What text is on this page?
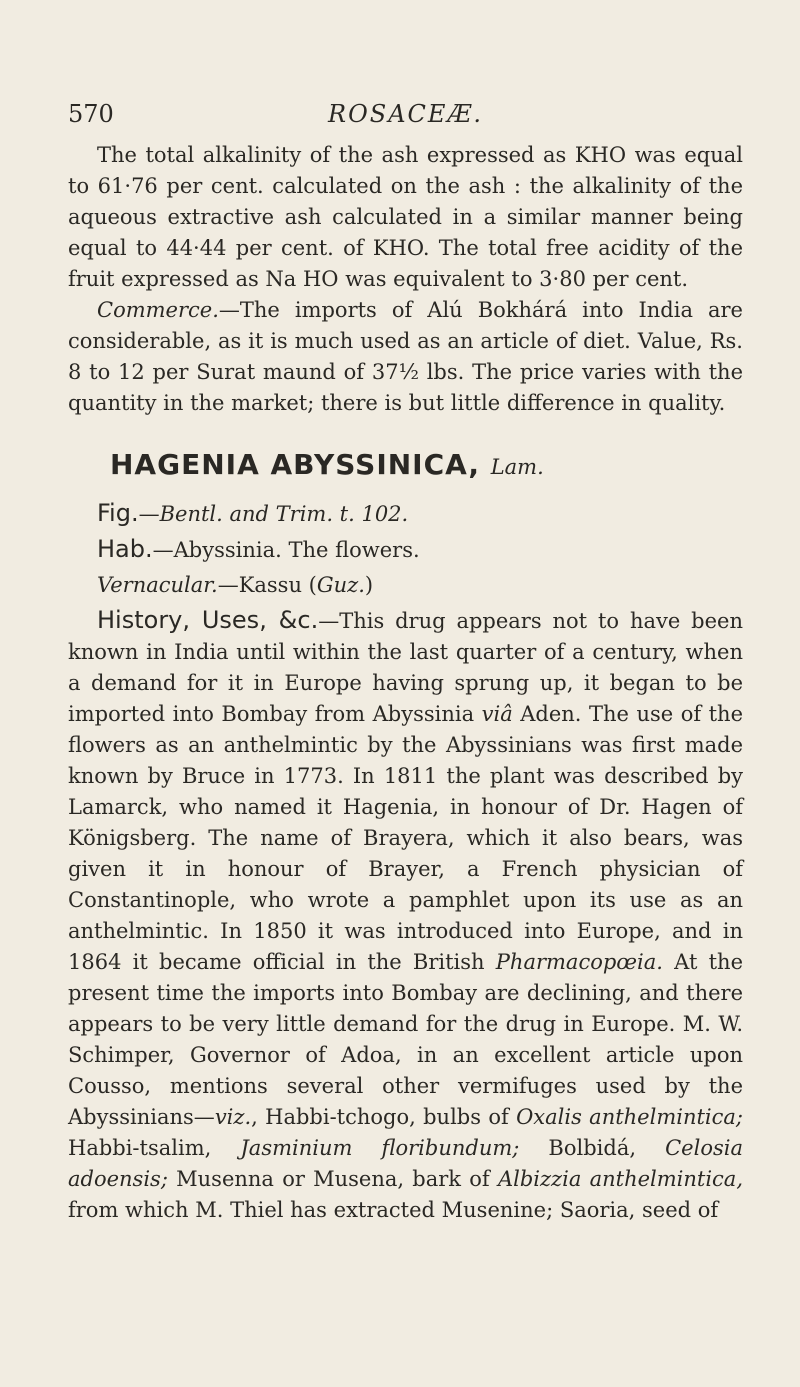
570	ROSACEÆ.

The total alkalinity of the ash expressed as KHO was equal to 61·76 per cent. calculated on the ash : the alkalinity of the aqueous extractive ash calculated in a similar manner being equal to 44·44 per cent. of KHO. The total free acidity of the fruit expressed as Na HO was equivalent to 3·80 per cent.

Commerce.—The imports of Alú Bokhárá into India are considerable, as it is much used as an article of diet. Value, Rs. 8 to 12 per Surat maund of 37½ lbs. The price varies with the quantity in the market; there is but little difference in quality.

HAGENIA ABYSSINICA, Lam.
Fig.—Bentl. and Trim. t. 102.
Hab.—Abyssinia. The flowers.
Vernacular.—Kassu (Guz.)

History, Uses, &c.—This drug appears not to have been known in India until within the last quarter of a century, when a demand for it in Europe having sprung up, it began to be imported into Bombay from Abyssinia viâ Aden. The use of the flowers as an anthelmintic by the Abyssinians was first made known by Bruce in 1773. In 1811 the plant was described by Lamarck, who named it Hagenia, in honour of Dr. Hagen of Königsberg. The name of Brayera, which it also bears, was given it in honour of Brayer, a French physician of Constantinople, who wrote a pamphlet upon its use as an anthelmintic. In 1850 it was introduced into Europe, and in 1864 it became official in the British Pharmacopœia. At the present time the imports into Bombay are declining, and there appears to be very little demand for the drug in Europe. M. W. Schimper, Governor of Adoa, in an excellent article upon Cousso, mentions several other vermifuges used by the Abyssinians—viz., Habbi-tchogo, bulbs of Oxalis anthelmintica; Habbi-tsalim, Jasminium floribundum; Bolbidá, Celosia adoensis; Musenna or Musena, bark of Albizzia anthelmintica, from which M. Thiel has extracted Musenine; Saoria, seed of
